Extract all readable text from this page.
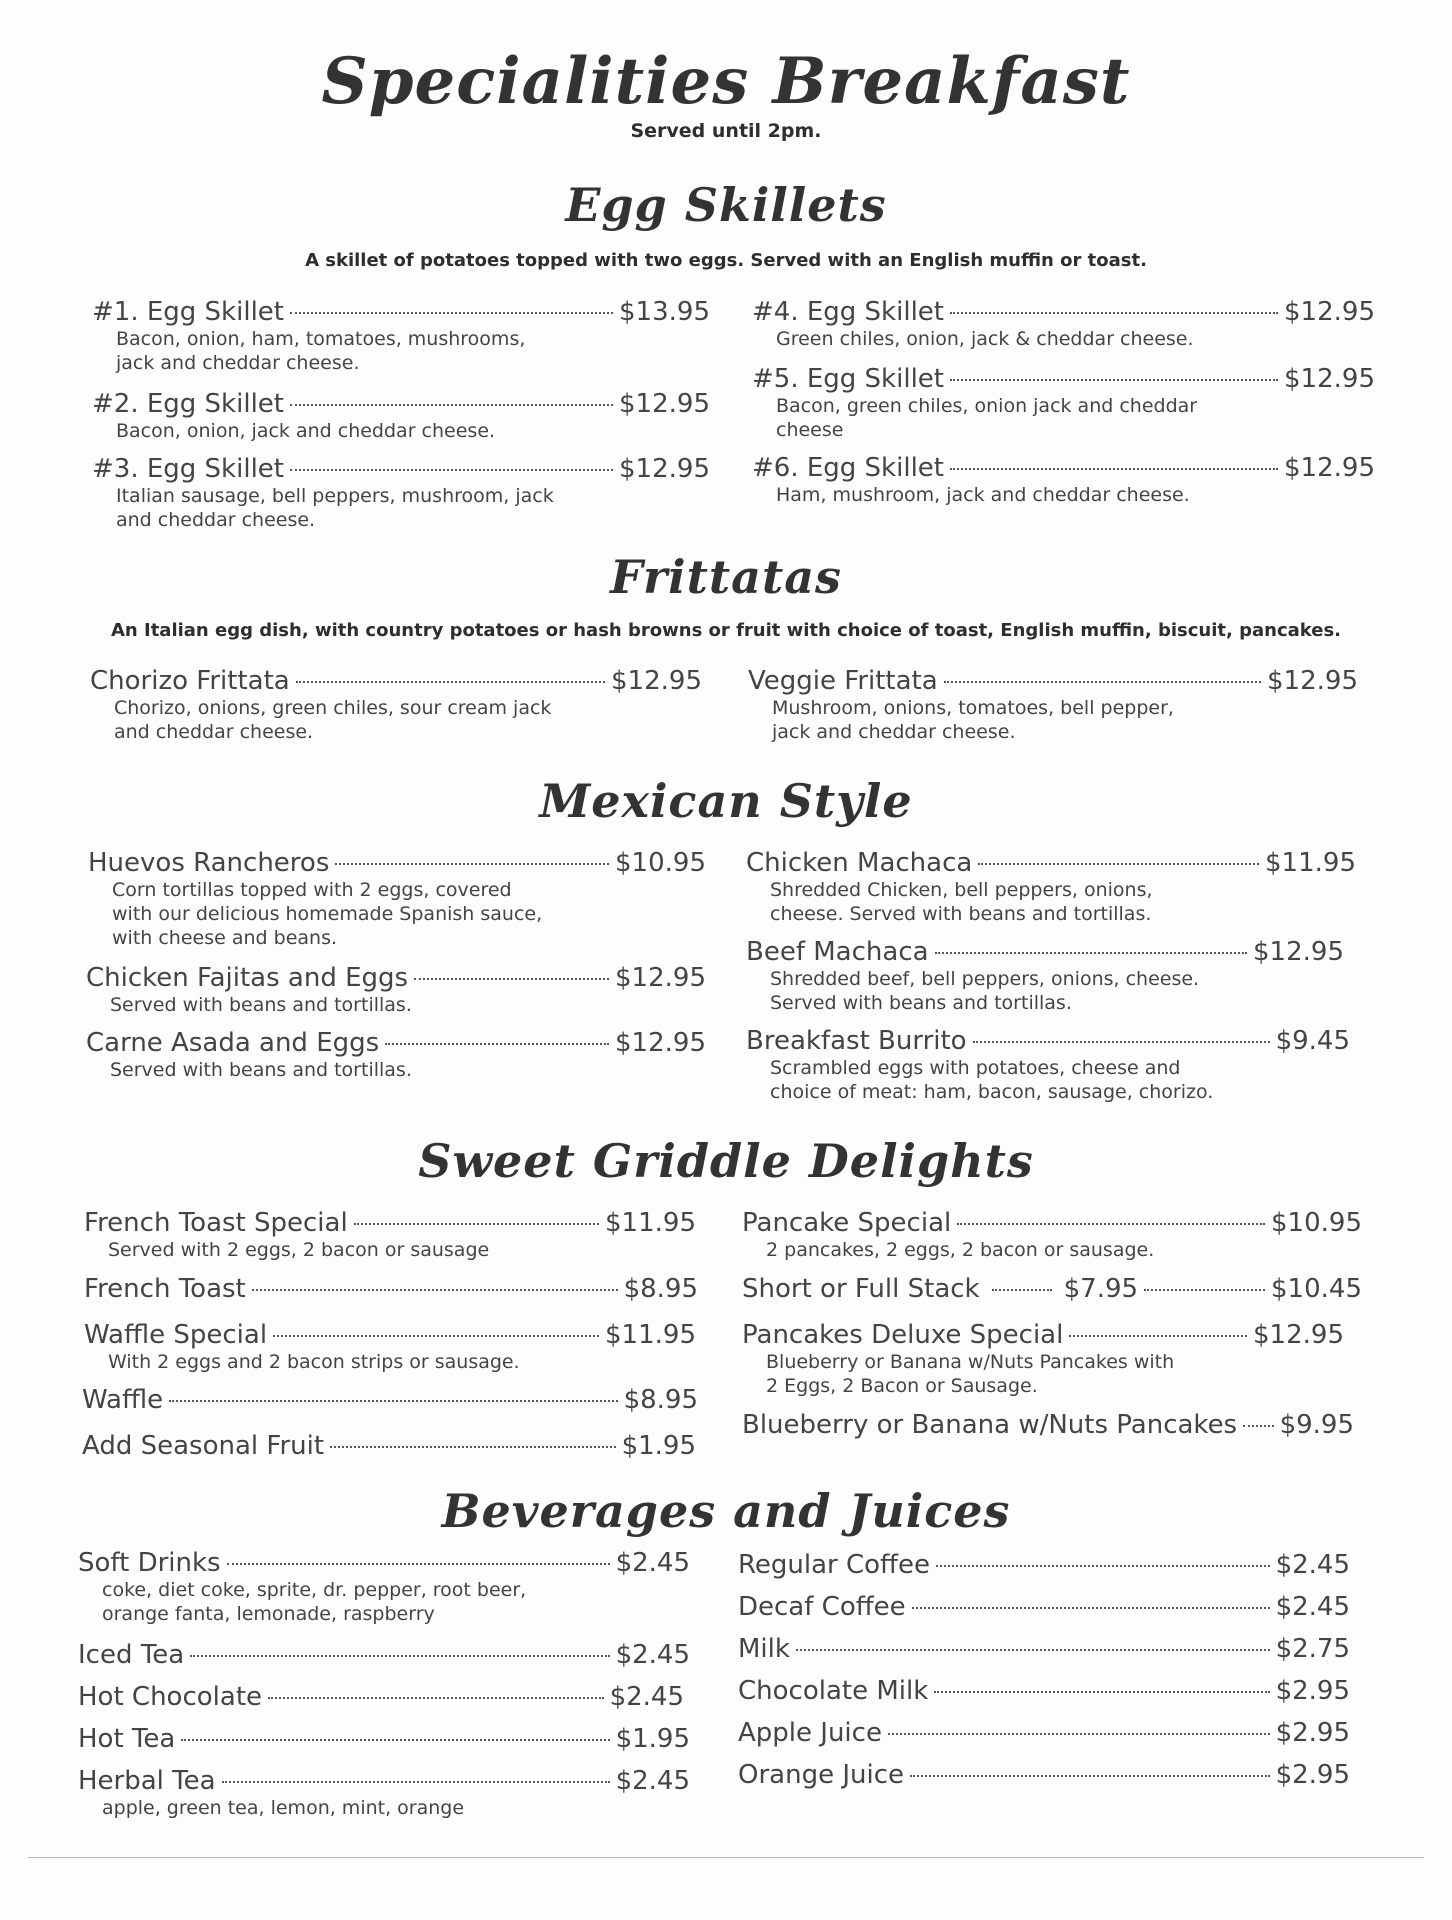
Specialities Breakfast
Served until 2pm.
Egg Skillets
A skillet of potatoes topped with two eggs. Served with an English muffin or toast.
#1. Egg Skillet	$13.95
Bacon, onion, ham, tomatoes, mushrooms,
jack and cheddar cheese.
#2. Egg Skillet	$12.95
Bacon, onion, jack and cheddar cheese.
#3. Egg Skillet	$12.95
Italian sausage, bell peppers, mushroom, jack
and cheddar cheese.
#4. Egg Skillet	$12.95
Green chiles, onion, jack & cheddar cheese.
#5. Egg Skillet	$12.95
Bacon, green chiles, onion jack and cheddar
cheese
#6. Egg Skillet	$12.95
Ham, mushroom, jack and cheddar cheese.
Frittatas
An Italian egg dish, with country potatoes or hash browns or fruit with choice of toast, English muffin, biscuit, pancakes.
Chorizo Frittata	$12.95
Chorizo, onions, green chiles, sour cream jack
and cheddar cheese.
Veggie Frittata	$12.95
Mushroom, onions, tomatoes, bell pepper,
jack and cheddar cheese.
Mexican Style
Huevos Rancheros	$10.95
Corn tortillas topped with 2 eggs, covered
with our delicious homemade Spanish sauce,
with cheese and beans.
Chicken Fajitas and Eggs	$12.95
Served with beans and tortillas.
Carne Asada and Eggs	$12.95
Served with beans and tortillas.
Chicken Machaca	$11.95
Shredded Chicken, bell peppers, onions,
cheese. Served with beans and tortillas.
Beef Machaca	$12.95
Shredded beef, bell peppers, onions, cheese.
Served with beans and tortillas.
Breakfast Burrito	$9.45
Scrambled eggs with potatoes, cheese and
choice of meat: ham, bacon, sausage, chorizo.
Sweet Griddle Delights
French Toast Special	$11.95
Served with 2 eggs, 2 bacon or sausage
French Toast	$8.95
Waffle Special	$11.95
With 2 eggs and 2 bacon strips or sausage.
Waffle	$8.95
Add Seasonal Fruit	$1.95
Pancake Special	$10.95
2 pancakes, 2 eggs, 2 bacon or sausage.
Short or Full Stack	$7.95	$10.45
Pancakes Deluxe Special	$12.95
Blueberry or Banana w/Nuts Pancakes with
2 Eggs, 2 Bacon or Sausage.
Blueberry or Banana w/Nuts Pancakes $9.95
Beverages and Juices
Soft Drinks	$2.45
coke, diet coke, sprite, dr. pepper, root beer,
orange fanta, lemonade, raspberry
Iced Tea	$2.45
Hot Chocolate	$2.45
Hot Tea	$1.95
Herbal Tea	$2.45
apple, green tea, lemon, mint, orange
Regular Coffee	$2.45
Decaf Coffee	$2.45
Milk	$2.75
Chocolate Milk	$2.95
Apple Juice	$2.95
Orange Juice	$2.95
